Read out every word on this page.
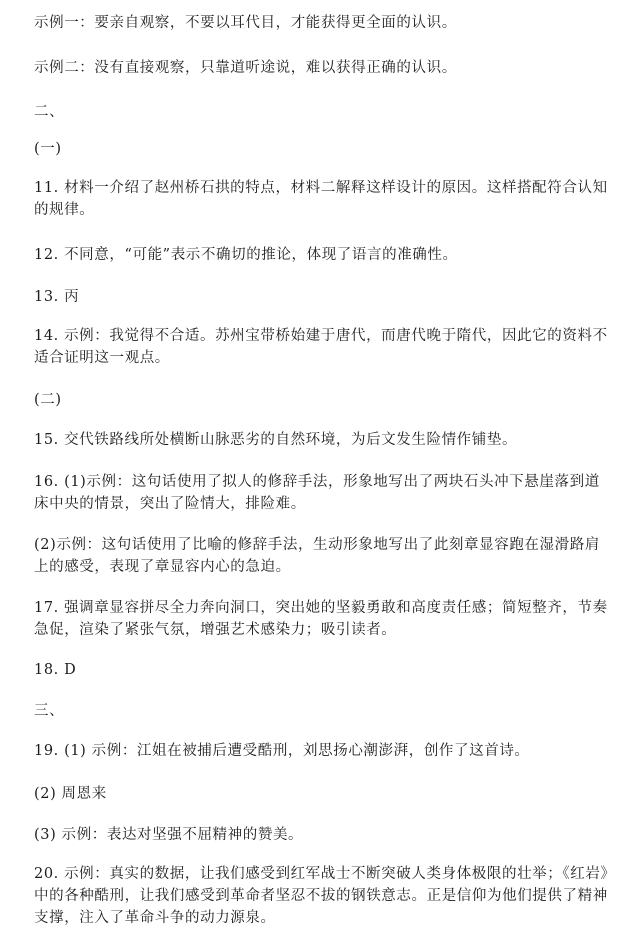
示例一：要亲自观察，不要以耳代目，才能获得更全面的认识。

示例二：没有直接观察，只靠道听途说，难以获得正确的认识。

二、

(一)

11. 材料一介绍了赵州桥石拱的特点，材料二解释这样设计的原因。这样搭配符合认知的规律。

12. 不同意，“可能”表示不确切的推论，体现了语言的准确性。

13. 丙

14. 示例：我觉得不合适。苏州宝带桥始建于唐代，而唐代晚于隋代，因此它的资料不适合证明这一观点。

(二)

15. 交代铁路线所处横断山脉恶劣的自然环境，为后文发生险情作铺垫。

16. (1)示例：这句话使用了拟人的修辞手法，形象地写出了两块石头冲下悬崖落到道床中央的情景，突出了险情大，排险难。

(2)示例：这句话使用了比喻的修辞手法，生动形象地写出了此刻章显容跑在湿滑路肩上的感受，表现了章显容内心的急迫。

17. 强调章显容拼尽全力奔向洞口，突出她的坚毅勇敢和高度责任感；简短整齐，节奏急促，渲染了紧张气氛，增强艺术感染力；吸引读者。

18. D

三、

19. (1) 示例：江姐在被捕后遭受酷刑，刘思扬心潮澎湃，创作了这首诗。

(2) 周恩来

(3) 示例：表达对坚强不屈精神的赞美。

20. 示例：真实的数据，让我们感受到红军战士不断突破人类身体极限的壮举；《红岩》中的各种酷刑，让我们感受到革命者坚忍不拔的钢铁意志。正是信仰为他们提供了精神支撑，注入了革命斗争的动力源泉。
